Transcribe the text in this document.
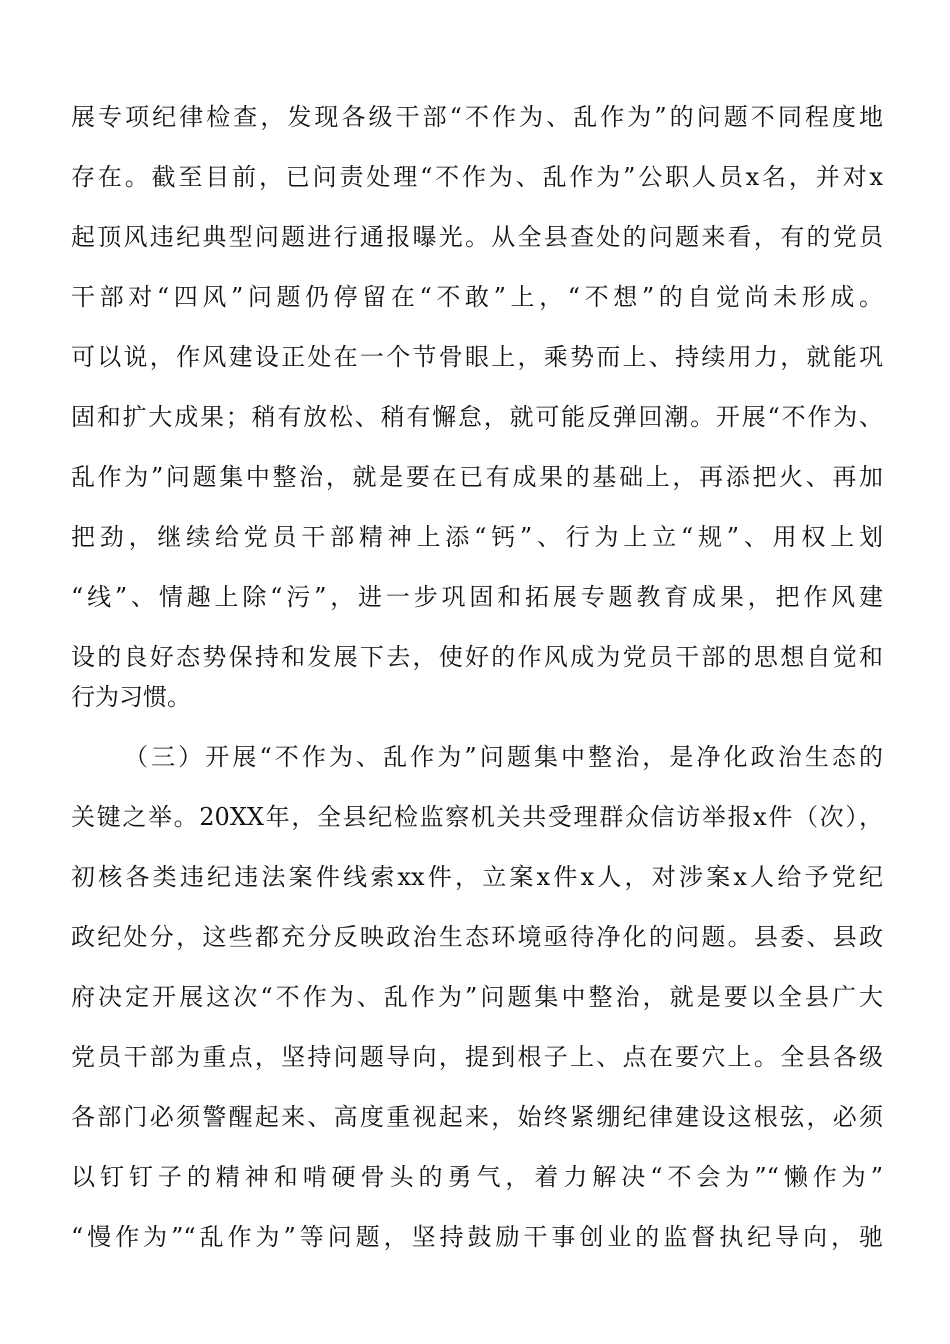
展专项纪律检查，发现各级干部“不作为、乱作为”的问题不同程度地
存在。截至目前，已问责处理“不作为、乱作为”公职人员x名，并对x
起顶风违纪典型问题进行通报曝光。从全县查处的问题来看，有的党员
干部对“四风”问题仍停留在“不敢”上，“不想”的自觉尚未形成。
可以说，作风建设正处在一个节骨眼上，乘势而上、持续用力，就能巩
固和扩大成果；稍有放松、稍有懈怠，就可能反弹回潮。开展“不作为、
乱作为”问题集中整治，就是要在已有成果的基础上，再添把火、再加
把劲，继续给党员干部精神上添“钙”、行为上立“规”、用权上划
“线”、情趣上除“污”，进一步巩固和拓展专题教育成果，把作风建
设的良好态势保持和发展下去，使好的作风成为党员干部的思想自觉和
行为习惯。
（三）开展“不作为、乱作为”问题集中整治，是净化政治生态的
关键之举。20XX年，全县纪检监察机关共受理群众信访举报x件（次），
初核各类违纪违法案件线索xx件，立案x件x人，对涉案x人给予党纪
政纪处分，这些都充分反映政治生态环境亟待净化的问题。县委、县政
府决定开展这次“不作为、乱作为”问题集中整治，就是要以全县广大
党员干部为重点，坚持问题导向，提到根子上、点在要穴上。全县各级
各部门必须警醒起来、高度重视起来，始终紧绷纪律建设这根弦，必须
以钉钉子的精神和啃硬骨头的勇气，着力解决“不会为”“懒作为”
“慢作为”“乱作为”等问题，坚持鼓励干事创业的监督执纪导向，驰
